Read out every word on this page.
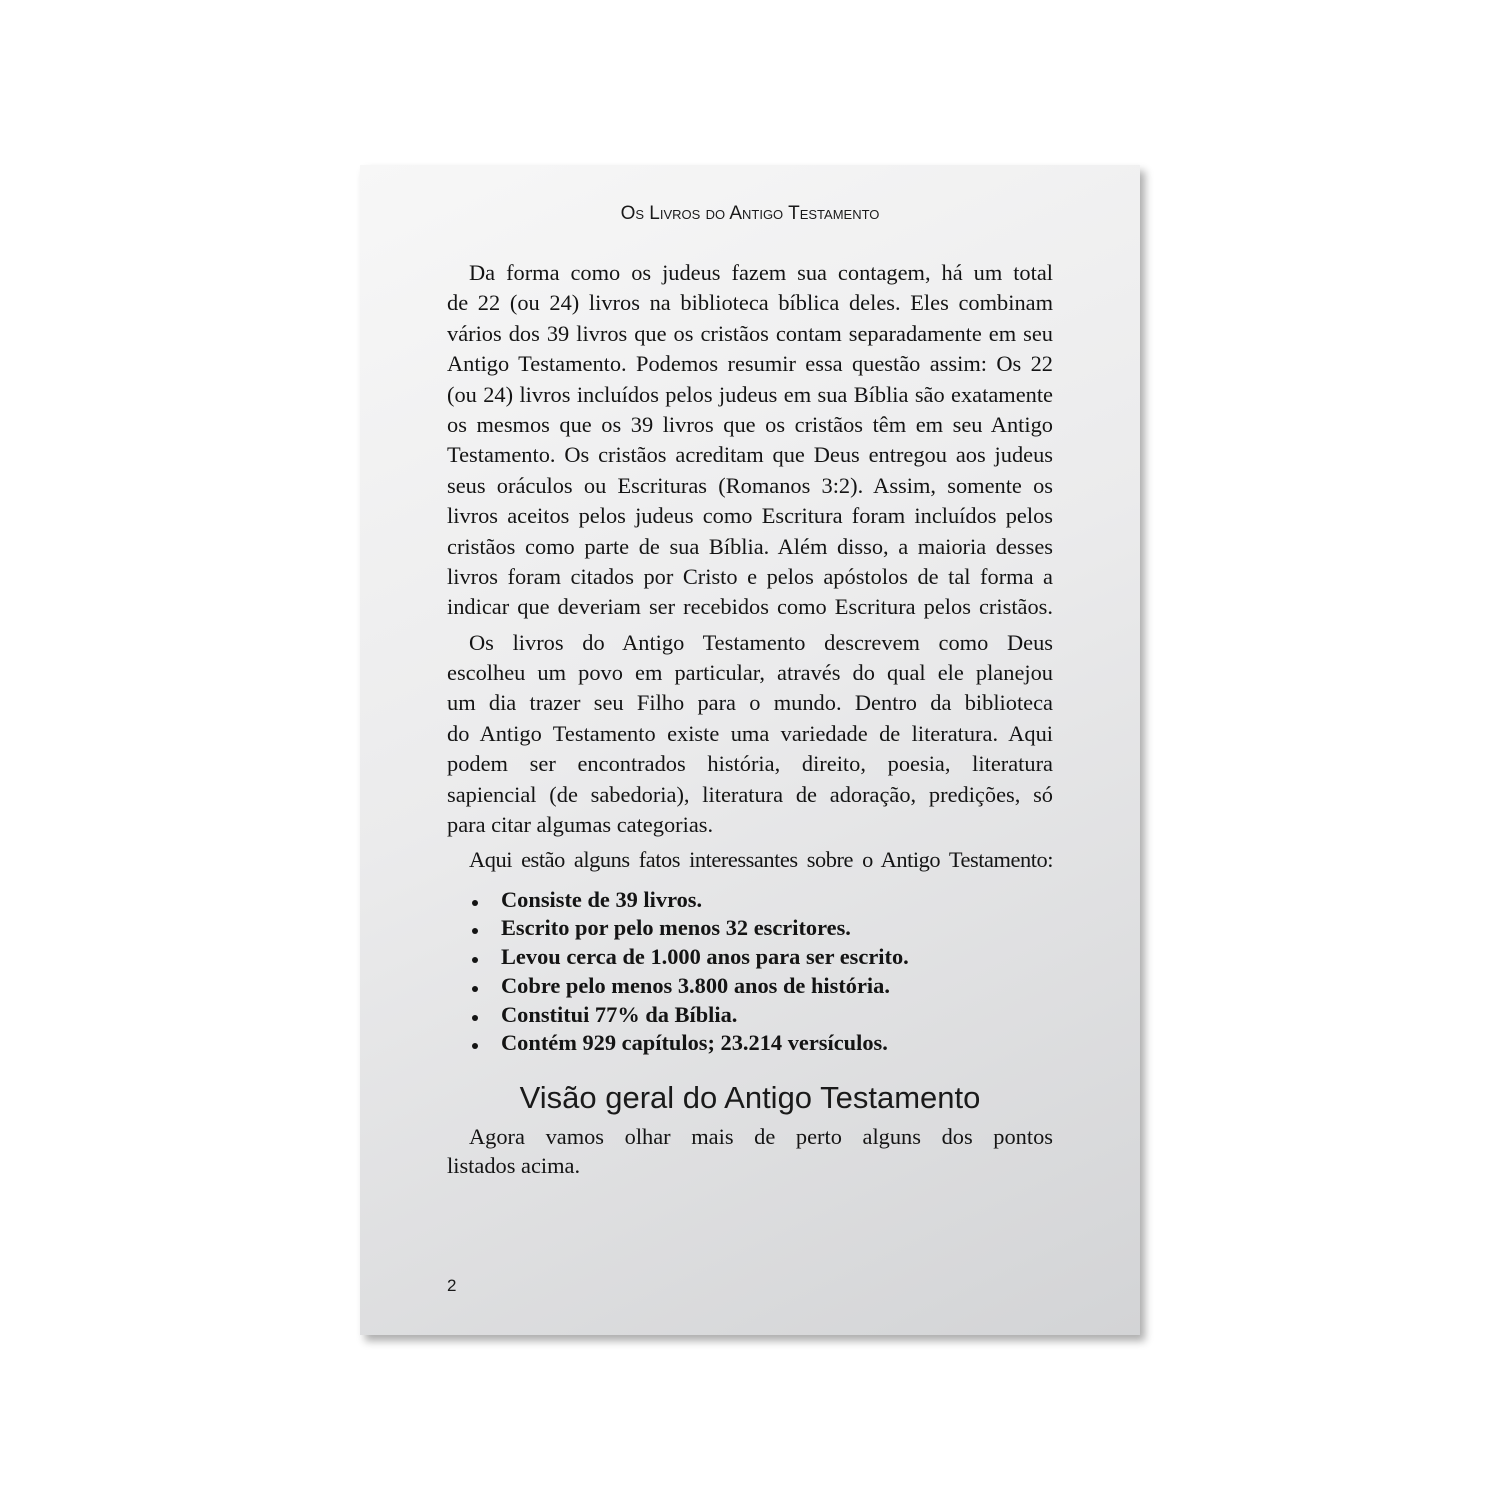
Os Livros do Antigo Testamento
Da forma como os judeus fazem sua contagem, há um total
de 22 (ou 24) livros na biblioteca bíblica deles. Eles combinam
vários dos 39 livros que os cristãos contam separadamente em seu
Antigo Testamento. Podemos resumir essa questão assim: Os 22
(ou 24) livros incluídos pelos judeus em sua Bíblia são exatamente
os mesmos que os 39 livros que os cristãos têm em seu Antigo
Testamento. Os cristãos acreditam que Deus entregou aos judeus
seus oráculos ou Escrituras (Romanos 3:2). Assim, somente os
livros aceitos pelos judeus como Escritura foram incluídos pelos
cristãos como parte de sua Bíblia. Além disso, a maioria desses
livros foram citados por Cristo e pelos apóstolos de tal forma a
indicar que deveriam ser recebidos como Escritura pelos cristãos.
Os livros do Antigo Testamento descrevem como Deus
escolheu um povo em particular, através do qual ele planejou
um dia trazer seu Filho para o mundo. Dentro da biblioteca
do Antigo Testamento existe uma variedade de literatura. Aqui
podem ser encontrados história, direito, poesia, literatura
sapiencial (de sabedoria), literatura de adoração, predições, só
para citar algumas categorias.
Aqui estão alguns fatos interessantes sobre o Antigo Testamento:
Consiste de 39 livros.
Escrito por pelo menos 32 escritores.
Levou cerca de 1.000 anos para ser escrito.
Cobre pelo menos 3.800 anos de história.
Constitui 77% da Bíblia.
Contém 929 capítulos; 23.214 versículos.
Visão geral do Antigo Testamento
Agora vamos olhar mais de perto alguns dos pontos
listados acima.
2
